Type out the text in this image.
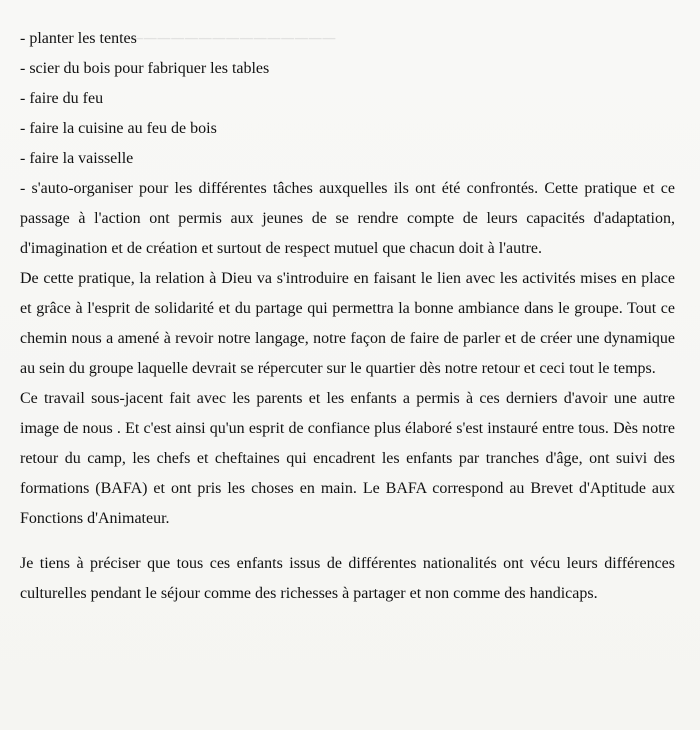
───────────────

- planter les tentes

- scier du bois pour fabriquer les tables

- faire du feu

- faire la cuisine au feu de bois

- faire la vaisselle

- s'auto-organiser pour les différentes tâches auxquelles ils ont été confrontés. Cette pratique et ce passage à l'action ont permis aux jeunes de se rendre compte de leurs capacités d'adaptation, d'imagination et de création et surtout de respect mutuel que chacun doit à l'autre.

De cette pratique, la relation à Dieu va s'introduire en faisant le lien avec les activités mises en place et grâce à l'esprit de solidarité et du partage qui permettra la bonne ambiance dans le groupe. Tout ce chemin nous a amené à revoir notre langage, notre façon de faire de parler et de créer une dynamique au sein du groupe laquelle devrait se répercuter sur le quartier dès notre retour et ceci tout le temps.

Ce travail sous-jacent fait avec les parents et les enfants a permis à ces derniers d'avoir une autre image de nous . Et c'est ainsi qu'un esprit de confiance plus élaboré s'est instauré entre tous. Dès notre retour du camp, les chefs et cheftaines qui encadrent les enfants par tranches d'âge, ont suivi des formations (BAFA) et ont pris les choses en main. Le BAFA correspond au Brevet d'Aptitude aux Fonctions d'Animateur.

Je tiens à préciser que tous ces enfants issus de différentes nationalités ont vécu leurs différences culturelles pendant le séjour comme des richesses à partager et non comme des handicaps.
